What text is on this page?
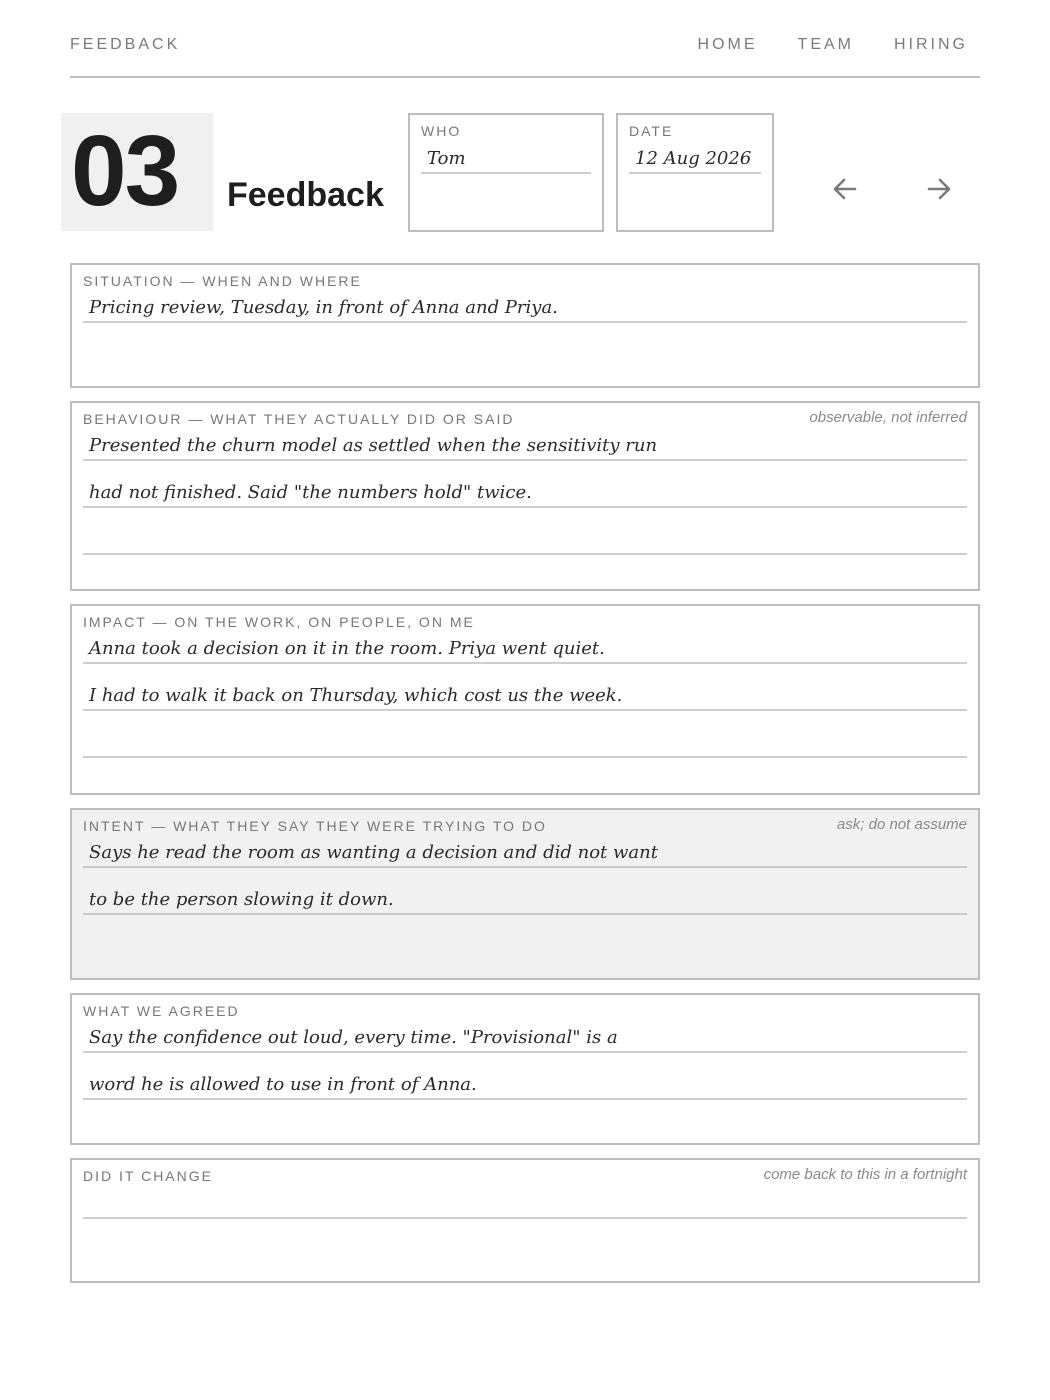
FEEDBACK	HOME	TEAM	HIRING
03 Feedback
WHO
Tom
DATE
12 Aug 2026
SITUATION — WHEN AND WHERE
Pricing review, Tuesday, in front of Anna and Priya.
BEHAVIOUR — WHAT THEY ACTUALLY DID OR SAID	observable, not inferred
Presented the churn model as settled when the sensitivity run
had not finished. Said "the numbers hold" twice.
IMPACT — ON THE WORK, ON PEOPLE, ON ME
Anna took a decision on it in the room. Priya went quiet.
I had to walk it back on Thursday, which cost us the week.
INTENT — WHAT THEY SAY THEY WERE TRYING TO DO	ask; do not assume
Says he read the room as wanting a decision and did not want
to be the person slowing it down.
WHAT WE AGREED
Say the confidence out loud, every time. "Provisional" is a
word he is allowed to use in front of Anna.
DID IT CHANGE	come back to this in a fortnight
